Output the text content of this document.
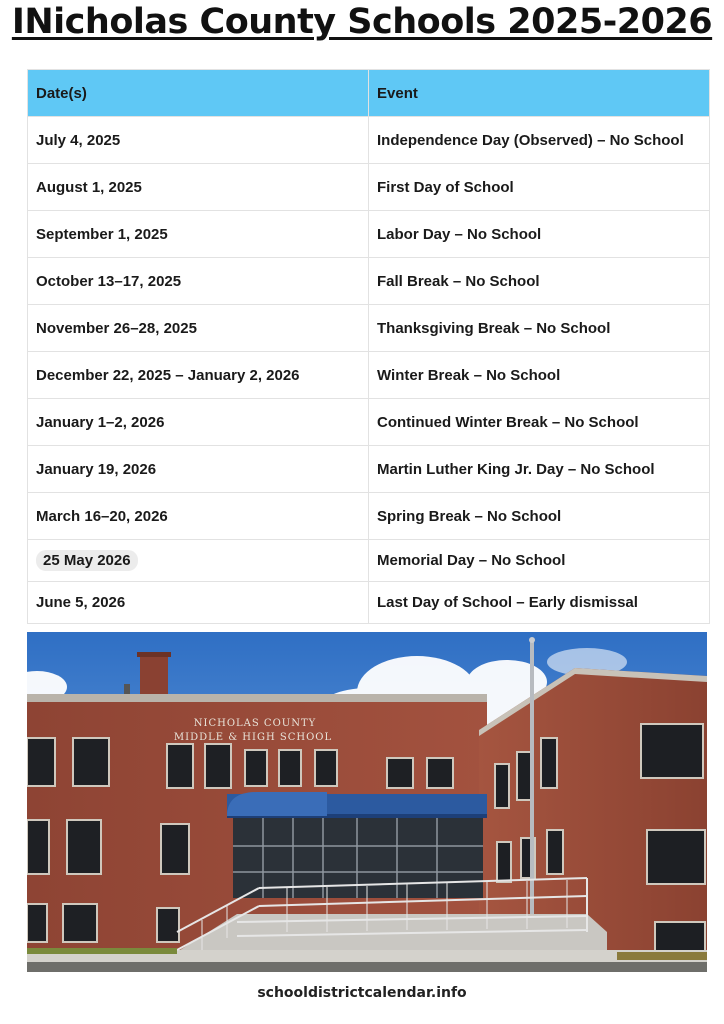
INicholas County Schools 2025-2026
Date(s)	Event
July 4, 2025	Independence Day (Observed) – No School
August 1, 2025	First Day of School
September 1, 2025	Labor Day – No School
October 13–17, 2025	Fall Break – No School
November 26–28, 2025	Thanksgiving Break – No School
December 22, 2025 – January 2, 2026	Winter Break – No School
January 1–2, 2026	Continued Winter Break – No School
January 19, 2026	Martin Luther King Jr. Day – No School
March 16–20, 2026	Spring Break – No School
25 May 2026	Memorial Day – No School
June 5, 2026	Last Day of School – Early dismissal
NICHOLAS COUNTY
MIDDLE & HIGH SCHOOL
schooldistrictcalendar.info
